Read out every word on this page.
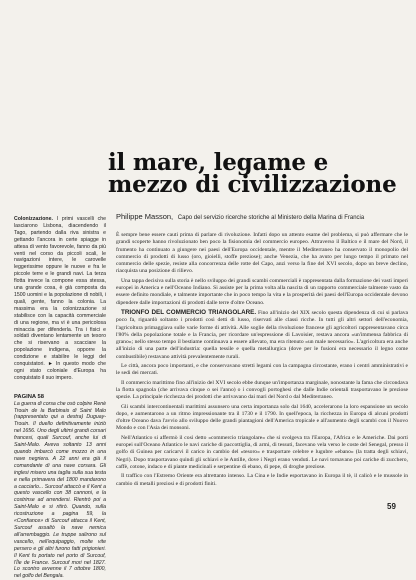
Colonizzazione. I primi vascelli che lasciarono Lisbona, diacendendo il Tago, partendo dalla riva sinistra e gettando l'ancora in certe spiagge in attesa di vento favorevole, fanno da più venti nel corso da piccoli scali, le navigazioni intere, le carovelle leggerissime oppure le nuove e fra le piccole terre e le grandi navi. La terza flotta invece la compone essa stessa, una grande cosa, è già composta da 1500 uomini e la popolazione di nobili, i quali, gente, fanno la colonia. La massima era la colonizzazione si stabilisce con la capacità commerciale di una regione, ma vi è una pericolosa minaccia per difenderla. Tra i fisici e soldati diventano lentamente un tesoro che si riservano a scacciare la popolazione indigena, opporre la condizione e stabilire le leggi del conquistatori. ► In questo modo che ogni stato coloniale d'Europa ha conquistato il suo impero.
PAGINA 58
La guerra di corsa che osò colpire Renè Trouin de la Barbinais di Saint Malo (rappresentato qui a destra) Duguay-Trouin. Il duello definitivamente iniziò nel 1656. Uno degli ultimi grandi corsari francesi, quali Surcouf, anche lui di Saint-Malo. Aveva soltanto 13 anni quando imbarcò come mozzo in una nave negriera. A 22 anni era già il comandante di una nave corsara. Gli inglesi misero una taglia sulla sua testa e nella primavera del 1800 mandarono a cacciarlo... Surcouf attaccò e il Kent a questo vascello con 38 cannoni, e la costrinse ad arrendersi. Rientrò poi a Saint-Malo e si ritirò. Quando, sulla ricostruzione a pagina 59, la «Confiance» di Surcouf attacca il Kent, Surcouf assaltò la nave nemica all'arrembaggio. Le truppe salirono sul vascello, nell'equipaggio, molte vite persero e gli altri furono fatti prigionieri. Il Kent fu portato nel porto di Surcouf, l'Île de France. Surcouf mori nel 1827. Lo scontro avvenne il 7 ottobre 1800, nel golfo del Bengala.
il mare, legame e mezzo di civilizzazione
Philippe Masson, Capo del servizio ricerche storiche al Ministero della Marina di Francia

È sempre bene essere cauti prima di parlare di rivoluzione. Infatti dopo un attento esame del problema, si può affermare che le grandi scoperte hanno rivoluzionato ben poco la fisionomia del commercio europeo. Attraverso il Baltico e il mare del Nord, il frumento ha continuato a giungere nei paesi dell'Europa occidentale, mentre il Mediterraneo ha conservato il monopolio del commercio di prodotti di lusso (oro, gioielli, stoffe preziose); anche Venezia, che ha avuto per lungo tempo il primato nel commercio delle spezie, resiste alla concorrenza delle rotte del Capo, anzi verso la fine del XVI secolo, dopo un breve declino, riacquista una posizione di rilievo.

Una tappa decisiva sulla storia è nello sviluppo dei grandi scambi commerciali è rappresentata dalla formazione dei vasti imperi europei in America e nell'Oceano Indiano. Si assiste per la prima volta alla nascita di un rapporto commerciale talmente vasto da essere definito mondiale, e talmente importante che in poco tempo la vita e la prosperità dei paesi dell'Europa occidentale devono dipendere dalle importazioni di prodotti dalle terre d'oltre Oceano.

TRIONFO DEL COMMERCIO TRIANGOLARE. Fino all'inizio del XIX secolo questa dipendenza di cui si parlava poco fa, riguardò soltanto i prodotti così detti di lusso, riservati alle classi ricche. In tutti gli altri settori dell'economia, l'agricoltura primaggiava sulle varie forme di attività. Alle soglie della rivoluzione francese gli agricoltori rappresentavano circa l'80% della popolazione totale e la Francia, per ricordare un'espressione di Lavoisier, restava ancora «un'immensa fabbrica di grano»; nello stesso tempo il bestiame continuava a essere allevato, ma era ritenuto «un male necessario». L'agricoltura era anche all'inizio di una parte dell'industria: quella tessile e quella metallurgica (dove per le fusioni era necessario il legno come combustibile) restavano attività prevalentemente rurali.

Le città, ancora poco importanti, e che conservavano stretti legami con la campagna circostante, erano i centri amministrativi e le sedi dei mercati.

Il commercio marittimo fino all'inizio del XVI secolo ebbe dunque un'importanza marginale, nonostante la fama che circondava la flotta spagnola (che arrivava cinque o sei l'anno) o i convogli portoghesi che dalle Indie orientali trasportavano le preziose spezie. La principale ricchezza dei prodotti che arrivavano dai mari del Nord o dal Mediterraneo.

Gli scambi intercontinentali marittimi assunsero una certa importanza solo dal 1640, accelerarono la loro espansione un secolo dopo, e aumentarono a un ritmo impressionante tra il 1730 e il 1790. In quell'epoca, la ricchezza in Europa di alcuni prodotti d'oltre Oceano dava l'avvio allo sviluppo delle grandi piantagioni dell'America tropicale e all'aumento degli scambi con il Nuovo Mondo e con l'Asia dei monsoni.

Nell'Atlantico si affermò il così detto «commercio triangolare» che si svolgeva tra l'Europa, l'Africa e le Americhe. Dai porti europei sull'Oceano Atlantico le navi cariche di paccottiglia, di armi, di tessuti, facevano vela verso le coste del Senegal, presso il golfo di Guinea per caricarvi il carico in cambio del «tesoro» e trasportare celebre e lugubre «ebano» (la tratta degli schiavi, Negri). Dopo trasportavano quindi gli schiavi e le Antille, dove i Negri erano venduti. Le navi tornavano poi cariche di zucchero, caffè, cotone, indaco e di piante medicinali e serpentine di ebano, di pepe, di droghe preziose.

Il traffico con l'Estremo Oriente era altrettanto intenso. La Cina e le Indie esportavano in Europa il tè, il calicò e le mussole in cambio di metalli preziosi e di prodotti finiti.

59
